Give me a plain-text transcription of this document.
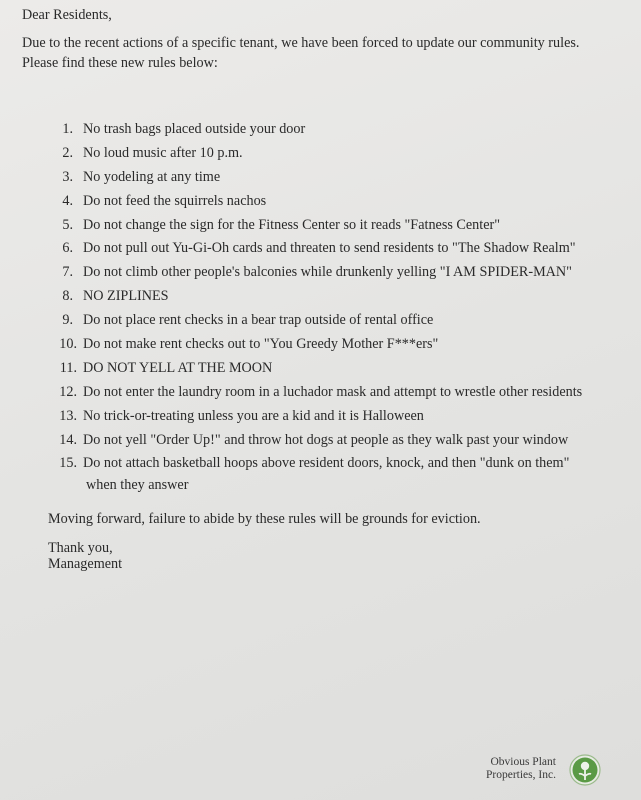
Dear Residents,
Due to the recent actions of a specific tenant, we have been forced to update our community rules. Please find these new rules below:
1. No trash bags placed outside your door
2. No loud music after 10 p.m.
3. No yodeling at any time
4. Do not feed the squirrels nachos
5. Do not change the sign for the Fitness Center so it reads "Fatness Center"
6. Do not pull out Yu-Gi-Oh cards and threaten to send residents to "The Shadow Realm"
7. Do not climb other people's balconies while drunkenly yelling "I AM SPIDER-MAN"
8. NO ZIPLINES
9. Do not place rent checks in a bear trap outside of rental office
10. Do not make rent checks out to "You Greedy Mother F***ers"
11. DO NOT YELL AT THE MOON
12. Do not enter the laundry room in a luchador mask and attempt to wrestle other residents
13. No trick-or-treating unless you are a kid and it is Halloween
14. Do not yell "Order Up!" and throw hot dogs at people as they walk past your window
15. Do not attach basketball hoops above resident doors, knock, and then "dunk on them"
when they answer
Moving forward, failure to abide by these rules will be grounds for eviction.
Thank you,
Management
Obvious Plant
Properties, Inc.
